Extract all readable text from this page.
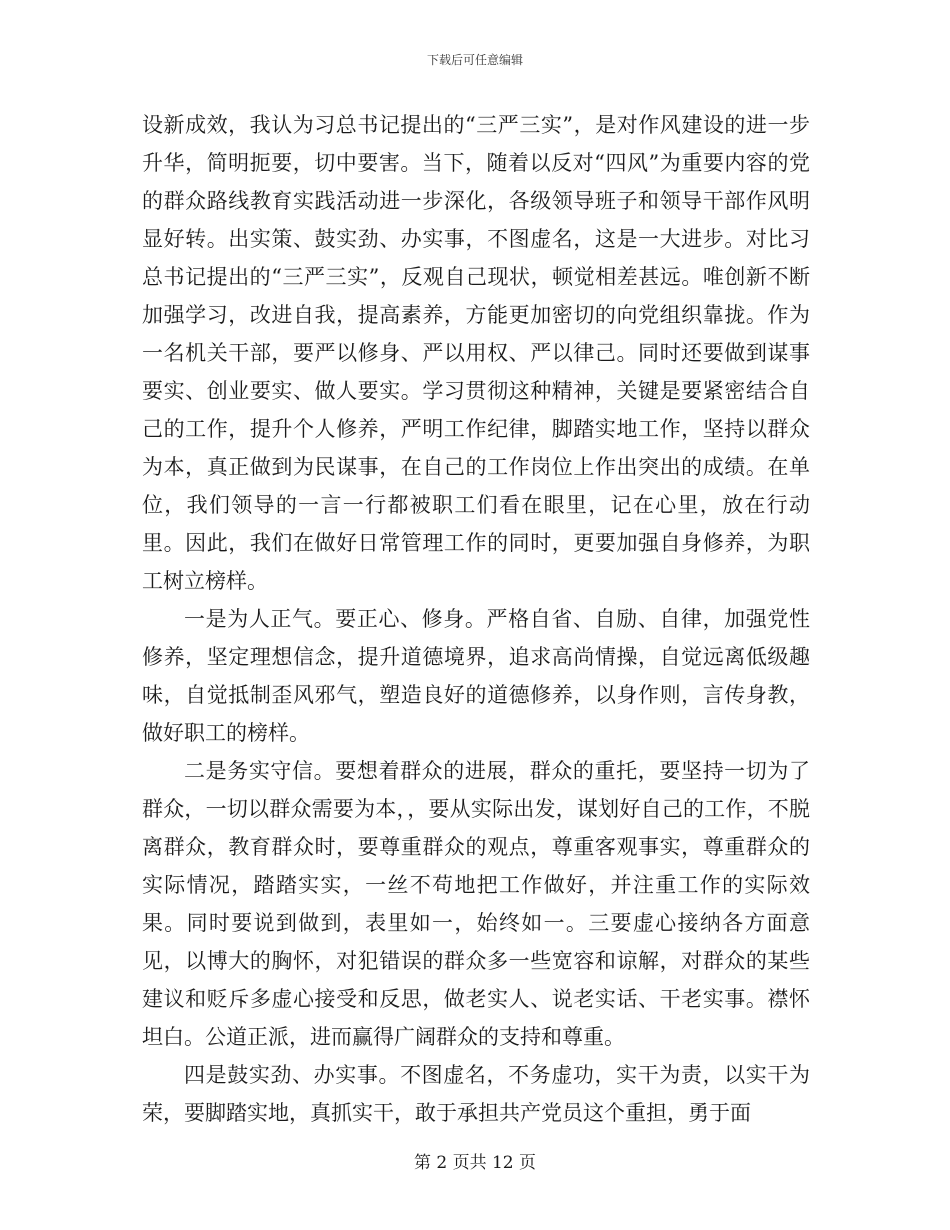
下载后可任意编辑

设新成效，我认为习总书记提出的“三严三实”，是对作风建设的进一步升华，简明扼要，切中要害。当下，随着以反对“四风”为重要内容的党的群众路线教育实践活动进一步深化，各级领导班子和领导干部作风明显好转。出实策、鼓实劲、办实事，不图虚名，这是一大进步。对比习总书记提出的“三严三实”，反观自己现状，顿觉相差甚远。唯创新不断加强学习，改进自我，提高素养，方能更加密切的向党组织靠拢。作为一名机关干部，要严以修身、严以用权、严以律己。同时还要做到谋事要实、创业要实、做人要实。学习贯彻这种精神，关键是要紧密结合自己的工作，提升个人修养，严明工作纪律，脚踏实地工作，坚持以群众为本，真正做到为民谋事，在自己的工作岗位上作出突出的成绩。在单位，我们领导的一言一行都被职工们看在眼里，记在心里，放在行动里。因此，我们在做好日常管理工作的同时，更要加强自身修养，为职工树立榜样。

一是为人正气。要正心、修身。严格自省、自励、自律，加强党性修养，坚定理想信念，提升道德境界，追求高尚情操，自觉远离低级趣味，自觉抵制歪风邪气，塑造良好的道德修养，以身作则，言传身教，做好职工的榜样。

二是务实守信。要想着群众的进展，群众的重托，要坚持一切为了群众，一切以群众需要为本，，要从实际出发，谋划好自己的工作，不脱离群众，教育群众时，要尊重群众的观点，尊重客观事实，尊重群众的实际情况，踏踏实实，一丝不苟地把工作做好，并注重工作的实际效果。同时要说到做到，表里如一，始终如一。三要虚心接纳各方面意见，以博大的胸怀，对犯错误的群众多一些宽容和谅解，对群众的某些建议和贬斥多虚心接受和反思，做老实人、说老实话、干老实事。襟怀坦白。公道正派，进而赢得广阔群众的支持和尊重。

四是鼓实劲、办实事。不图虚名，不务虚功，实干为责，以实干为荣，要脚踏实地，真抓实干，敢于承担共产党员这个重担，勇于面

第 2 页共 12 页
